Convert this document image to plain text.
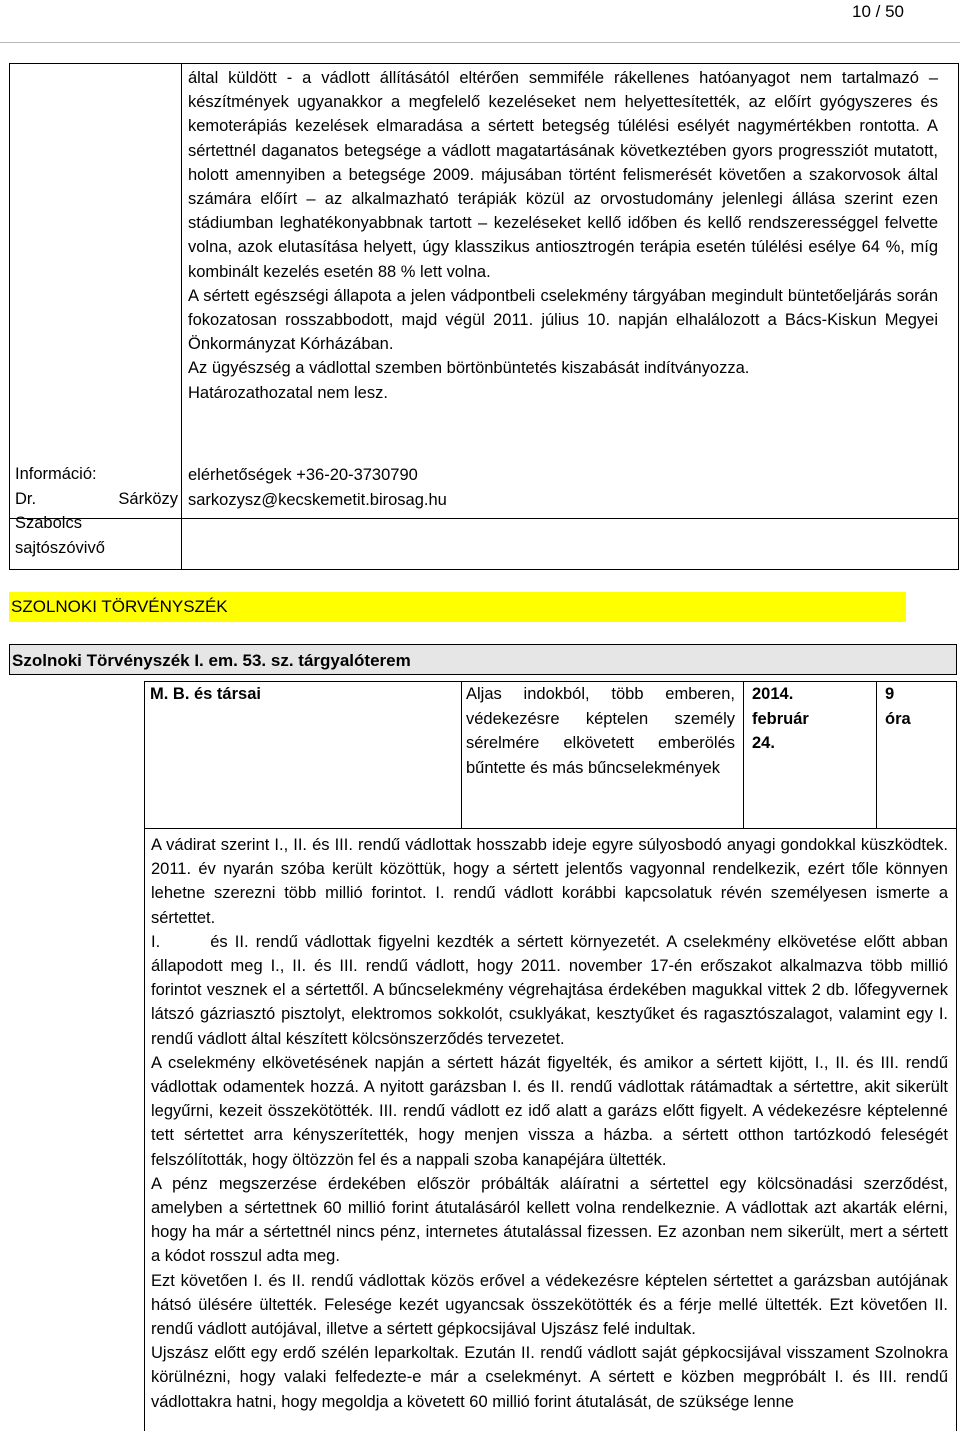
10 / 50

által küldött - a vádlott állításától eltérően semmiféle rákellenes hatóanyagot nem tartalmazó – készítmények ugyanakkor a megfelelő kezeléseket nem helyettesítették, az előírt gyógyszeres és kemoterápiás kezelések elmaradása a sértett betegség túlélési esélyét nagymértékben rontotta. A sértettnél daganatos betegsége a vádlott magatartásának következtében gyors progressziót mutatott, holott amennyiben a betegsége 2009. májusában történt felismerését követően a szakorvosok által számára előírt – az alkalmazható terápiák közül az orvostudomány jelenlegi állása szerint ezen stádiumban leghatékonyabbnak tartott – kezeléseket kellő időben és kellő rendszerességgel felvette volna, azok elutasítása helyett, úgy klasszikus antiosztrogén terápia esetén túlélési esélye 64 %, míg kombinált kezelés esetén 88 % lett volna.

A sértett egészségi állapota a jelen vádpontbeli cselekmény tárgyában megindult büntetőeljárás során fokozatosan rosszabbodott, majd végül 2011. július 10. napján elhalálozott a Bács-Kiskun Megyei Önkormányzat Kórházában.

Az ügyészség a vádlottal szemben börtönbüntetés kiszabását indítványozza.

Határozathozatal nem lesz.

Információ:
Dr.	Sárközy
Szabolcs
sajtószóvivő
elérhetőségek +36-20-3730790
sarkozysz@kecskemetit.birosag.hu
SZOLNOKI TÖRVÉNYSZÉK
Szolnoki Törvényszék I. em. 53. sz. tárgyalóterem
M. B. és társai	Aljas indokból, több emberen, védekezésre képtelen személy sérelmére elkövetett emberölés bűntette és más bűncselekmények
2014.
február
24.
9
óra

A vádirat szerint I., II. és III. rendű vádlottak hosszabb ideje egyre súlyosbodó anyagi gondokkal küszködtek. 2011. év nyarán szóba került közöttük, hogy a sértett jelentős vagyonnal rendelkezik, ezért tőle könnyen lehetne szerezni több millió forintot. I. rendű vádlott korábbi kapcsolatuk révén személyesen ismerte a sértettet.

I.       és II. rendű vádlottak figyelni kezdték a sértett környezetét. A cselekmény elkövetése előtt abban állapodott meg I., II. és III. rendű vádlott, hogy 2011. november 17-én erőszakot alkalmazva több millió forintot vesznek el a sértettől. A bűncselekmény végrehajtása érdekében magukkal vittek 2 db. lőfegyvernek látszó gázriasztó pisztolyt, elektromos sokkolót, csuklyákat, kesztyűket és ragasztószalagot, valamint egy I. rendű vádlott által készített kölcsönszerződés tervezetet.

A cselekmény elkövetésének napján a sértett házát figyelték, és amikor a sértett kijött, I., II. és III. rendű vádlottak odamentek hozzá. A nyitott garázsban I. és II. rendű vádlottak rátámadtak a sértettre, akit sikerült legyűrni, kezeit összekötötték. III. rendű vádlott ez idő alatt a garázs előtt figyelt. A védekezésre képtelenné tett sértettet arra kényszerítették, hogy menjen vissza a házba. a sértett otthon tartózkodó feleségét felszólították, hogy öltözzön fel és a nappali szoba kanapéjára ültették.

A pénz megszerzése érdekében először próbálták aláíratni a sértettel egy kölcsönadási szerződést, amelyben a sértettnek 60 millió forint átutalásáról kellett volna rendelkeznie. A vádlottak azt akarták elérni, hogy ha már a sértettnél nincs pénz, internetes átutalással fizessen. Ez azonban nem sikerült, mert a sértett a kódot rosszul adta meg.

Ezt követően I. és II. rendű vádlottak közös erővel a védekezésre képtelen sértettet a garázsban autójának hátsó ülésére ültették. Felesége kezét ugyancsak összekötötték és a férje mellé ültették. Ezt követően II. rendű vádlott autójával, illetve a sértett gépkocsijával Ujszász felé indultak.

Ujszász előtt egy erdő szélén leparkoltak. Ezután II. rendű vádlott saját gépkocsijával visszament Szolnokra körülnézni, hogy valaki felfedezte-e már a cselekményt. A sértett e közben megpróbált I. és III. rendű vádlottakra hatni, hogy megoldja a követett 60 millió forint átutalását, de szüksége lenne
